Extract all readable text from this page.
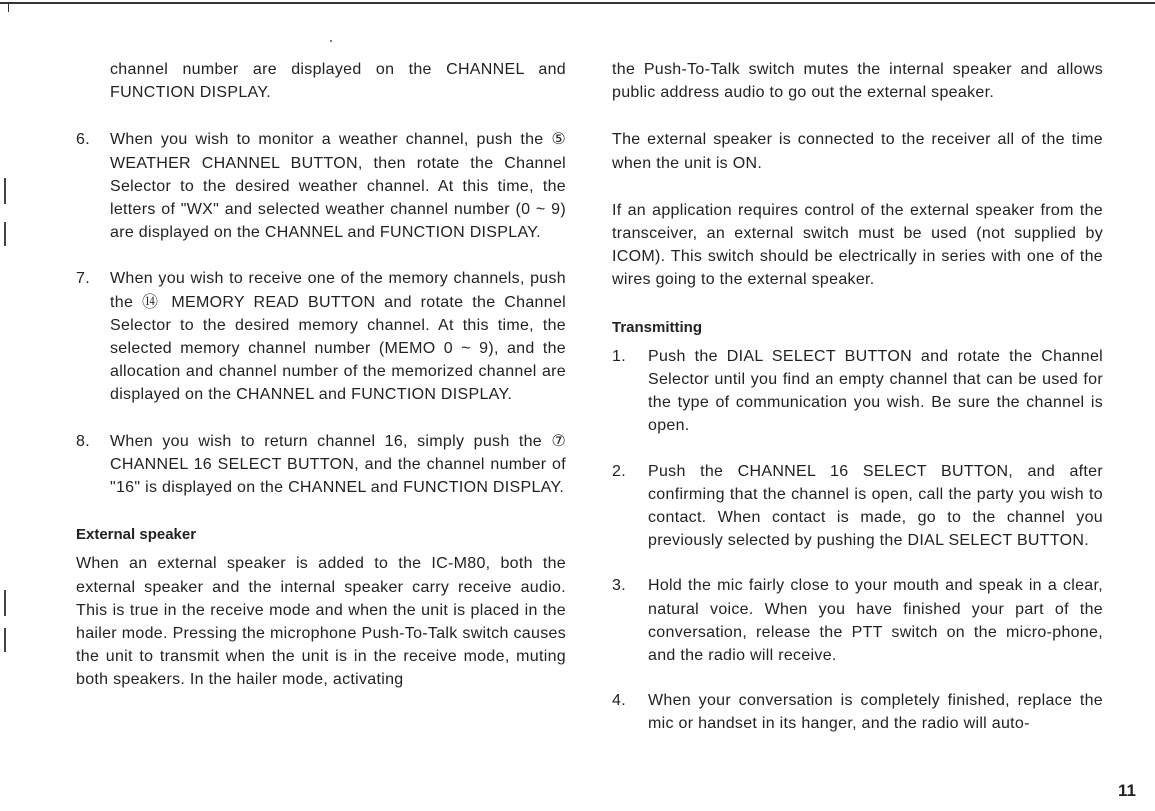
channel number are displayed on the CHANNEL and FUNCTION DISPLAY.

6. When you wish to monitor a weather channel, push the ⑤ WEATHER CHANNEL BUTTON, then rotate the Channel Selector to the desired weather channel. At this time, the letters of "WX" and selected weather channel number (0 ~ 9) are displayed on the CHANNEL and FUNCTION DISPLAY.

7. When you wish to receive one of the memory channels, push the ⑭ MEMORY READ BUTTON and rotate the Channel Selector to the desired memory channel. At this time, the selected memory channel number (MEMO 0 ~ 9), and the allocation and channel number of the memorized channel are displayed on the CHANNEL and FUNCTION DISPLAY.

8. When you wish to return channel 16, simply push the ⑦ CHANNEL 16 SELECT BUTTON, and the channel number of "16" is displayed on the CHANNEL and FUNCTION DISPLAY.

External speaker

When an external speaker is added to the IC-M80, both the external speaker and the internal speaker carry receive audio. This is true in the receive mode and when the unit is placed in the hailer mode. Pressing the microphone Push-To-Talk switch causes the unit to transmit when the unit is in the receive mode, muting both speakers. In the hailer mode, activating

the Push-To-Talk switch mutes the internal speaker and allows public address audio to go out the external speaker.

The external speaker is connected to the receiver all of the time when the unit is ON.

If an application requires control of the external speaker from the transceiver, an external switch must be used (not supplied by ICOM). This switch should be electrically in series with one of the wires going to the external speaker.

Transmitting

1. Push the DIAL SELECT BUTTON and rotate the Channel Selector until you find an empty channel that can be used for the type of communication you wish. Be sure the channel is open.

2. Push the CHANNEL 16 SELECT BUTTON, and after confirming that the channel is open, call the party you wish to contact. When contact is made, go to the channel you previously selected by pushing the DIAL SELECT BUTTON.

3. Hold the mic fairly close to your mouth and speak in a clear, natural voice. When you have finished your part of the conversation, release the PTT switch on the micro-phone, and the radio will receive.

4. When your conversation is completely finished, replace the mic or handset in its hanger, and the radio will auto-

11
